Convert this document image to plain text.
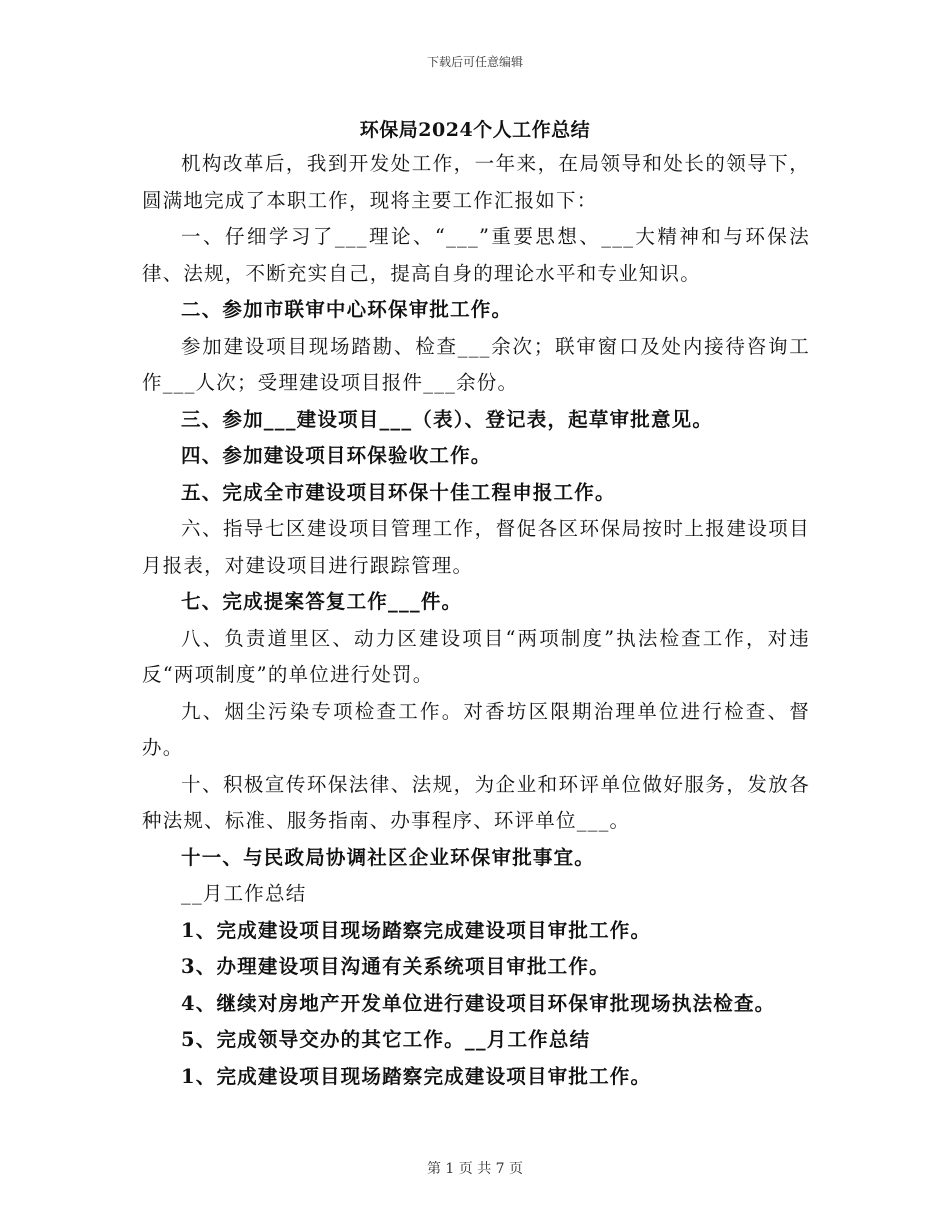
下载后可任意编辑
环保局2024个人工作总结

机构改革后，我到开发处工作，一年来，在局领导和处长的领导下，圆满地完成了本职工作，现将主要工作汇报如下：

一、仔细学习了___理论、“___”重要思想、___大精神和与环保法律、法规，不断充实自己，提高自身的理论水平和专业知识。

二、参加市联审中心环保审批工作。

参加建设项目现场踏勘、检查___余次；联审窗口及处内接待咨询工作___人次；受理建设项目报件___余份。

三、参加___建设项目___（表）、登记表，起草审批意见。

四、参加建设项目环保验收工作。

五、完成全市建设项目环保十佳工程申报工作。

六、指导七区建设项目管理工作，督促各区环保局按时上报建设项目月报表，对建设项目进行跟踪管理。

七、完成提案答复工作___件。

八、负责道里区、动力区建设项目“两项制度”执法检查工作，对违反“两项制度”的单位进行处罚。

九、烟尘污染专项检查工作。对香坊区限期治理单位进行检查、督办。

十、积极宣传环保法律、法规，为企业和环评单位做好服务，发放各种法规、标准、服务指南、办事程序、环评单位___。

十一、与民政局协调社区企业环保审批事宜。

__月工作总结

1、完成建设项目现场踏察完成建设项目审批工作。

3、办理建设项目沟通有关系统项目审批工作。

4、继续对房地产开发单位进行建设项目环保审批现场执法检查。

5、完成领导交办的其它工作。__月工作总结

1、完成建设项目现场踏察完成建设项目审批工作。

第 1 页 共 7 页
